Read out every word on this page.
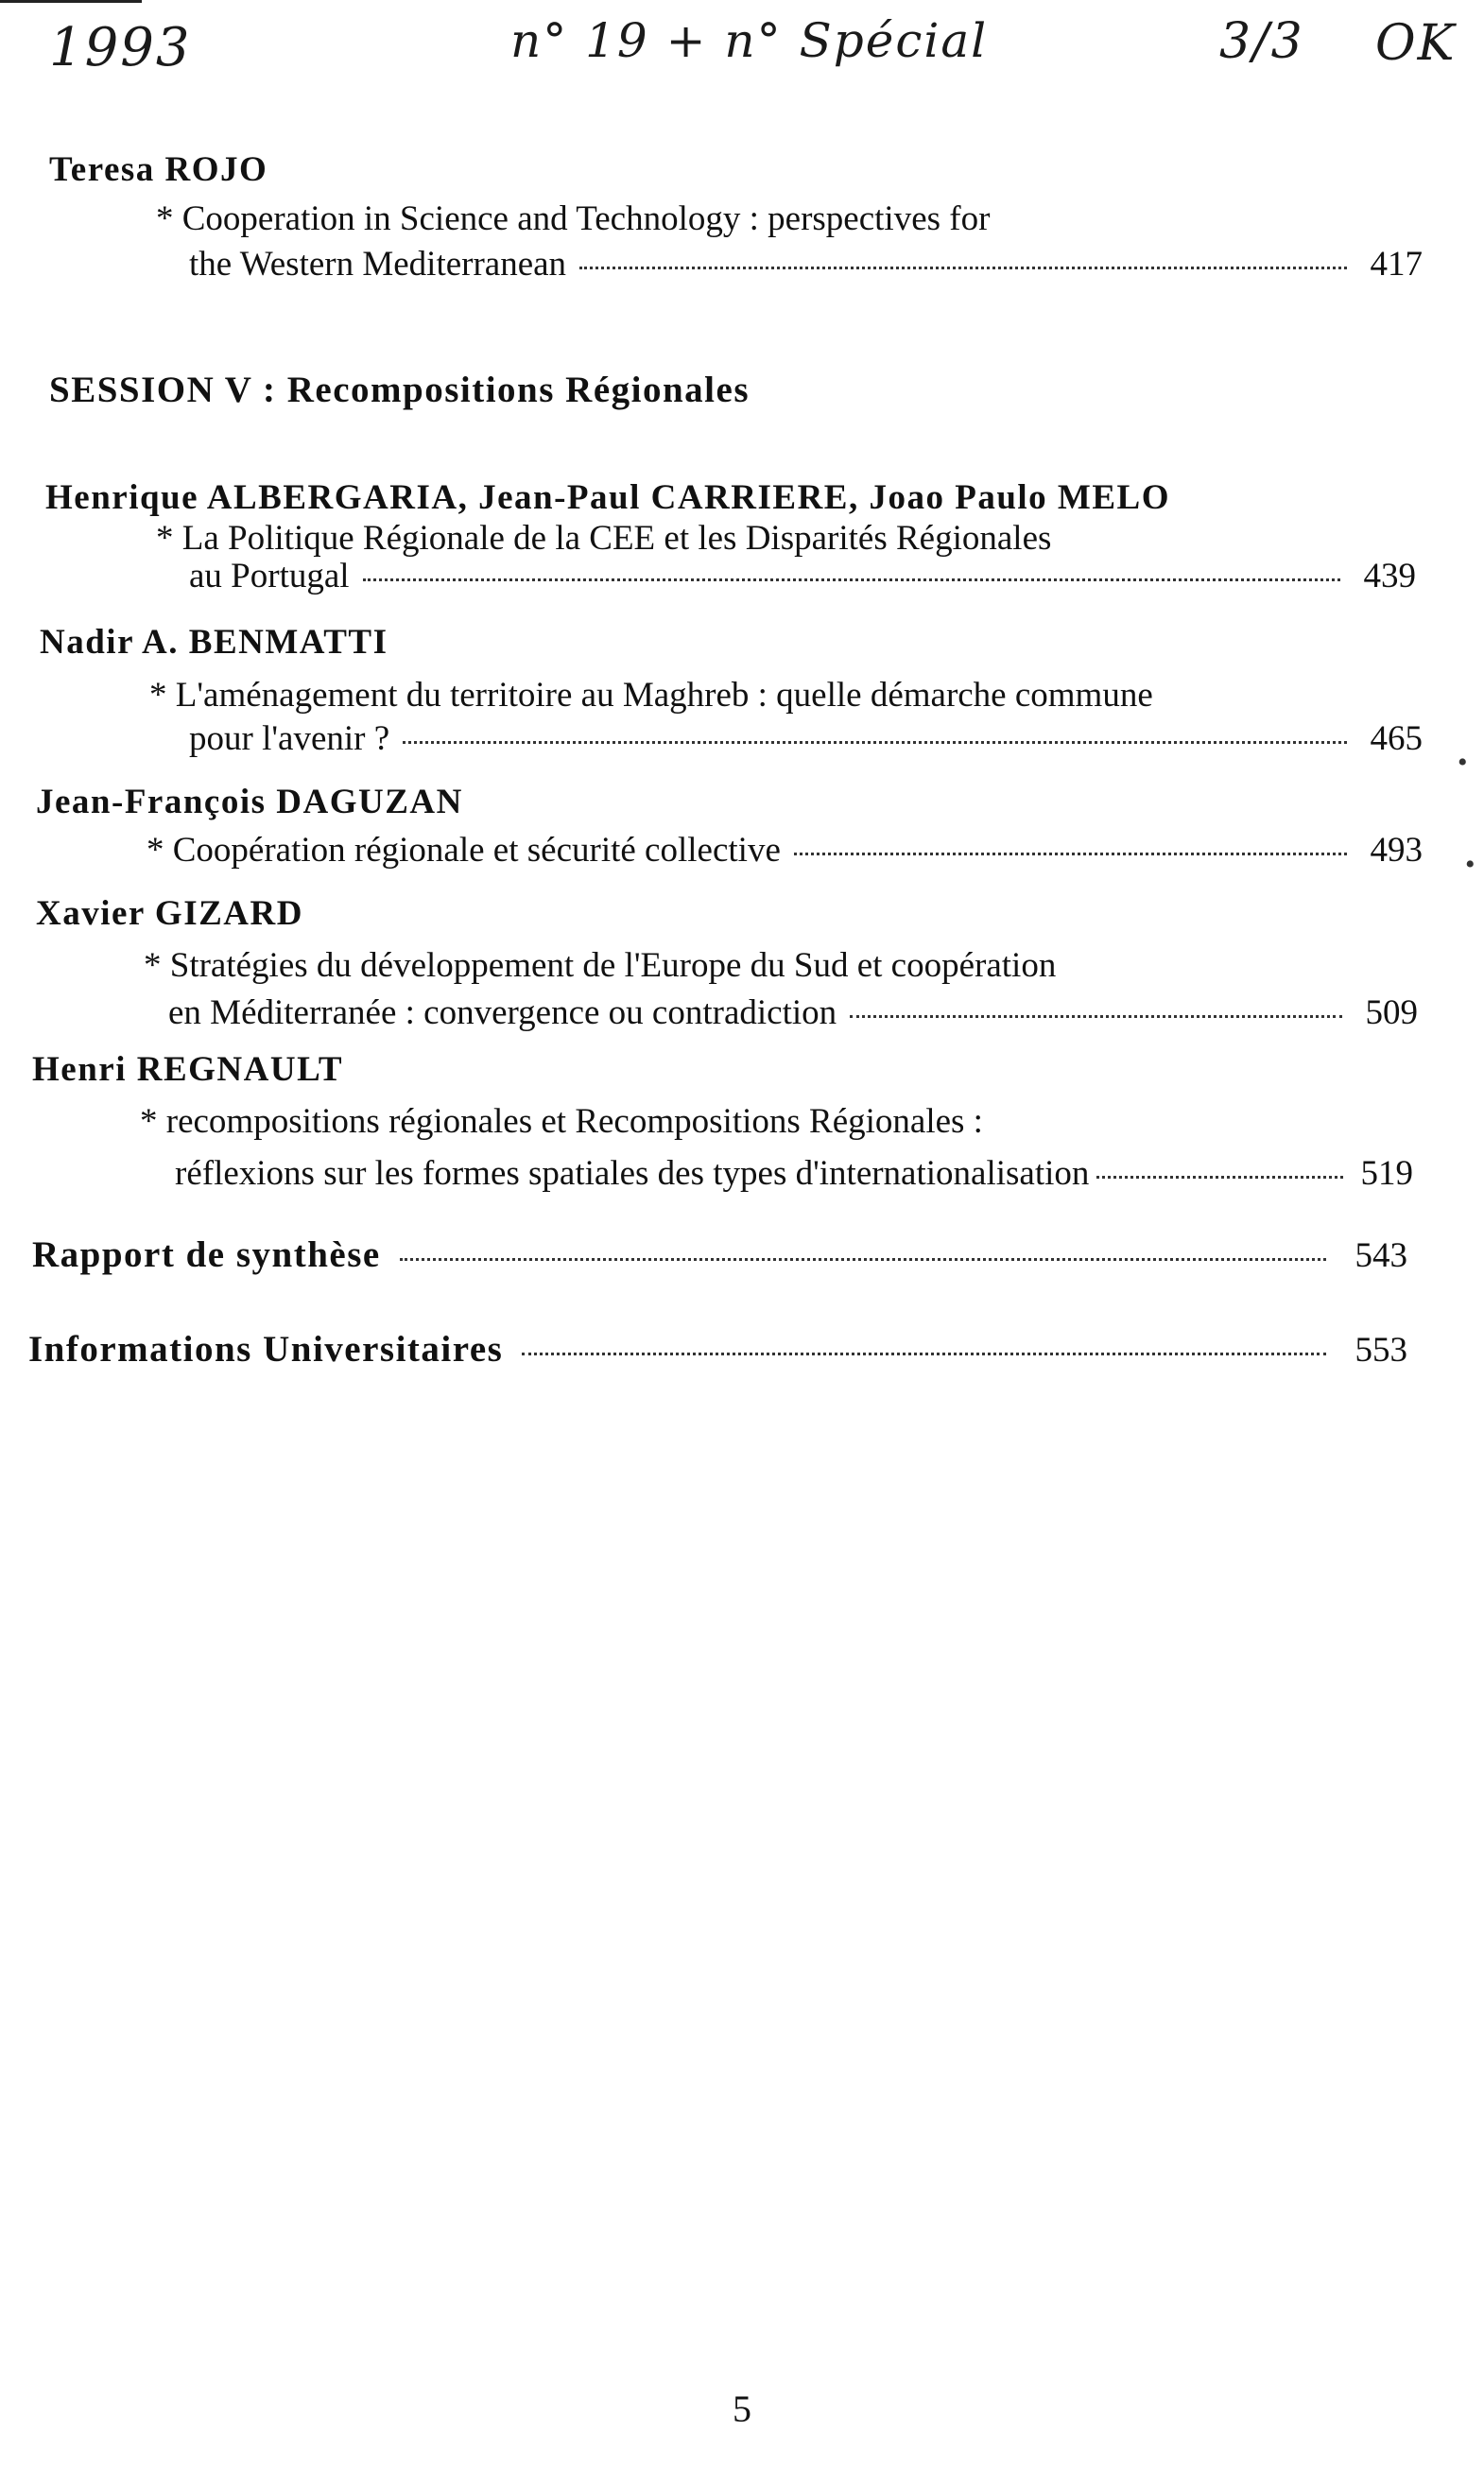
1993	n° 19 + n° Spécial	3/3 OK
Teresa ROJO
* Cooperation in Science and Technology : perspectives for
the Western Mediterranean	417
SESSION V : Recompositions Régionales
Henrique ALBERGARIA, Jean-Paul CARRIERE, Joao Paulo MELO
* La Politique Régionale de la CEE et les Disparités Régionales
au Portugal	439
Nadir A. BENMATTI
* L'aménagement du territoire au Maghreb : quelle démarche commune
pour l'avenir ?	465
•
Jean-François DAGUZAN
* Coopération régionale et sécurité collective	493 •
Xavier GIZARD
* Stratégies du développement de l'Europe du Sud et coopération
en Méditerranée : convergence ou contradiction	509
Henri REGNAULT
* recompositions régionales et Recompositions Régionales :
réflexions sur les formes spatiales des types d'internationalisation	519
Rapport de synthèse	543
Informations Universitaires	553
5
